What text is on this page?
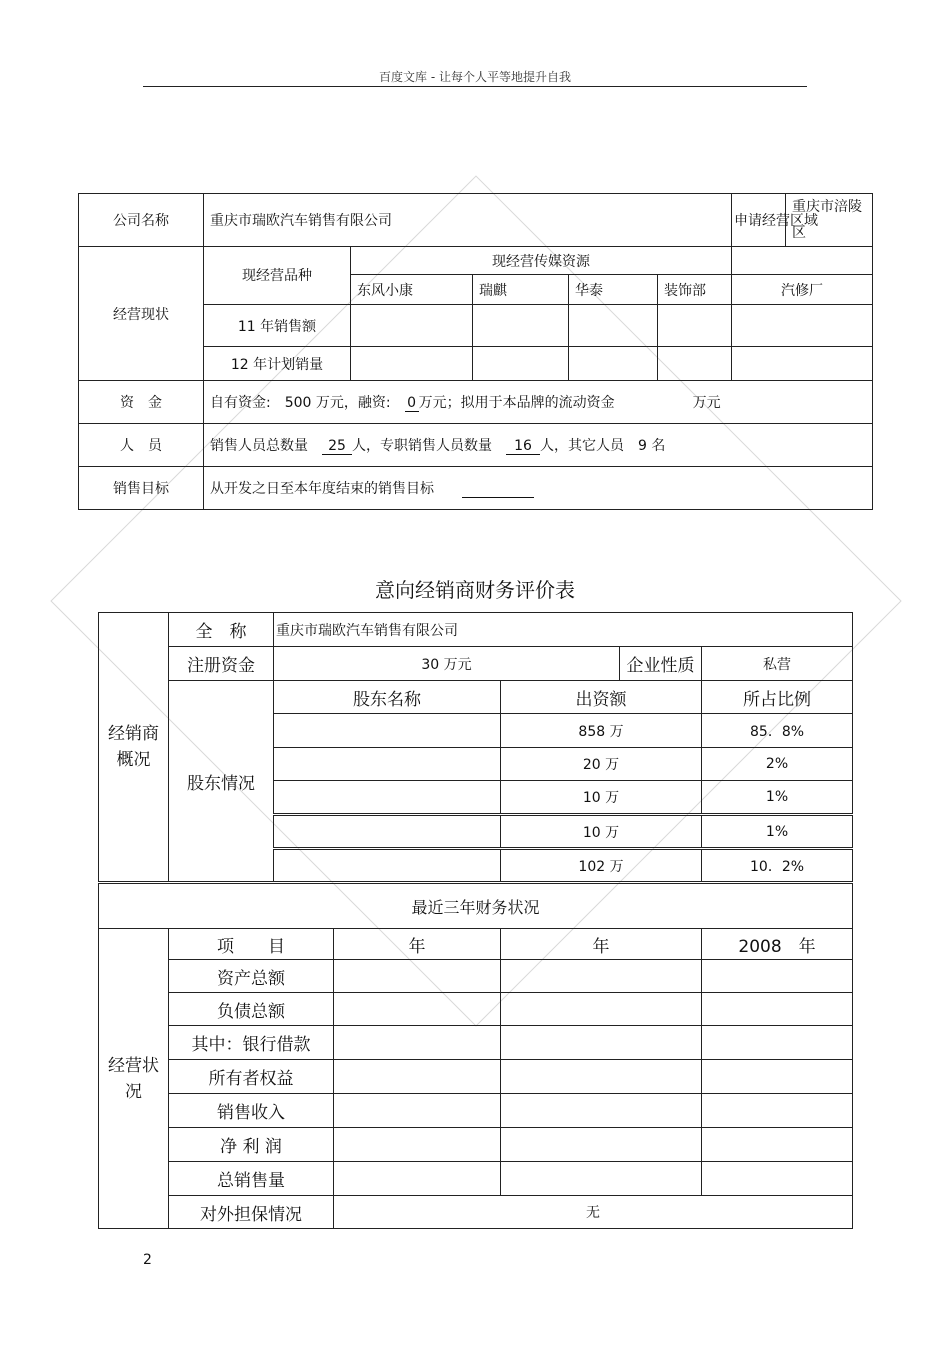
百度文库 - 让每个人平等地提升自我
公司名称	重庆市瑞欧汽车销售有限公司					申请经营区域	重庆市涪陵区
经营现状	现经营品种	现经营传媒资源					
		东风小康	瑞麒	华泰	装饰部	汽修厂	
	11 年销售额						
	12 年计划销量						
资　金	自有资金:　500 万元，融资:　0 万元；拟用于本品牌的流动资金 万元						
人　员	销售人员总数量　25 人，专职销售人员数量　16 人，其它人员　9 名						
销售目标	从开发之日至本年度结束的销售目标						
意向经销商财务评价表
经销商概况	全　称	重庆市瑞欧汽车销售有限公司				
	注册资金	30 万元			企业性质	私营
	股东情况	股东名称		出资额		所占比例
				858 万		85．8%
				20 万		2%
				10 万		1%
				10 万		1%
				102 万		10．2%
最近三年财务状况						
经营状况	项　　目		年	年		2008　年
	资产总额					
	负债总额					
	其中：银行借款					
	所有者权益					
	销售收入					
	净 利 润					
	总销售量					
	对外担保情况		无			
2
